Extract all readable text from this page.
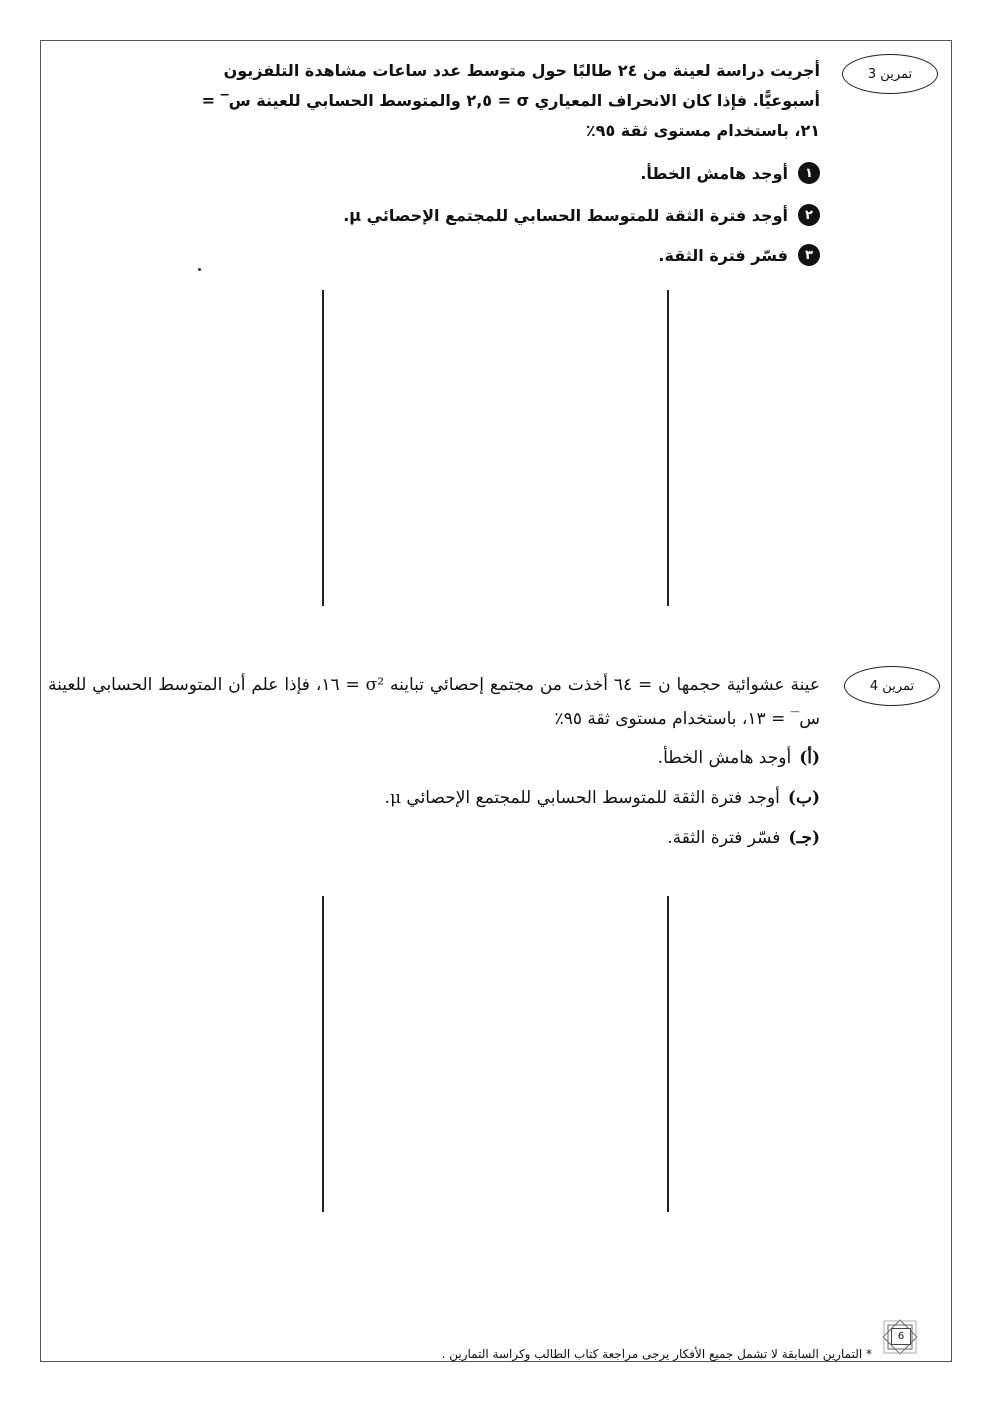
تمرين 3
أجريت دراسة لعينة من ٢٤ طالبًا حول متوسط عدد ساعات مشاهدة التلفزيون أسبوعيًّا. فإذا كان الانحراف المعياري σ = ٢,٥ والمتوسط الحسابي للعينة س‾ = ٢١، باستخدام مستوى ثقة ٩٥٪
١
أوجد هامش الخطأ.
٢
أوجد فترة الثقة للمتوسط الحسابي للمجتمع الإحصائي μ.
٣
فسّر فترة الثقة.
تمرين 4
عينة عشوائية حجمها ن = ٦٤ أخذت من مجتمع إحصائي تباينه σ² = ١٦، فإذا علم أن المتوسط الحسابي للعينة س‾ = ١٣، باستخدام مستوى ثقة ٩٥٪
(أ)
أوجد هامش الخطأ.
(ب)
أوجد فترة الثقة للمتوسط الحسابي للمجتمع الإحصائي μ.
(جـ)
فسّر فترة الثقة.
* التمارين السابقة لا تشمل جميع الأفكار يرجى مراجعة كتاب الطالب وكراسة التمارين .
6
